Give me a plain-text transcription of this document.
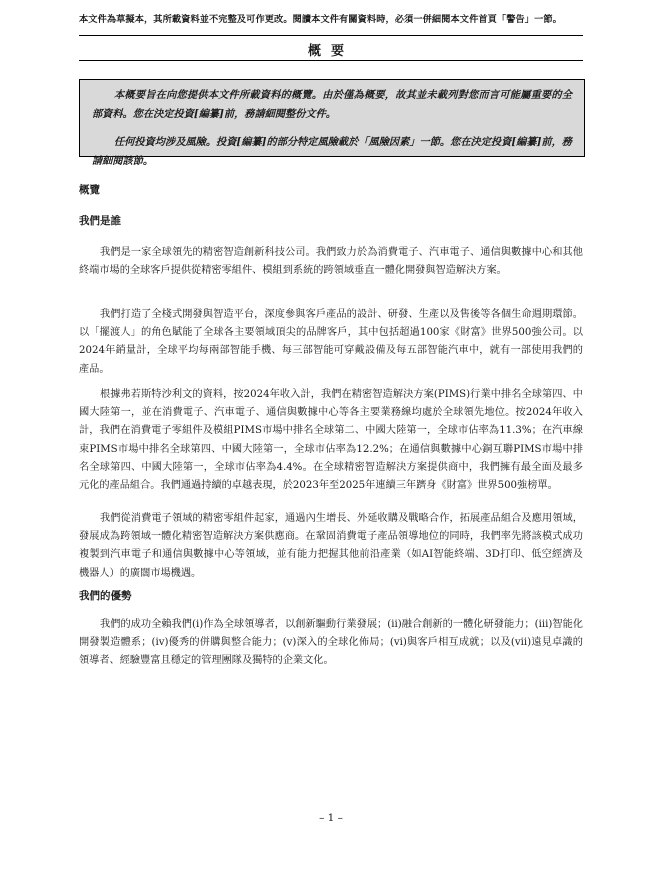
本文件為草擬本，其所載資料並不完整及可作更改。閱讀本文件有關資料時，必須一併細閱本文件首頁「警告」一節。
概要

本概要旨在向您提供本文件所載資料的概覽。由於僅為概要，故其並未載列對您而言可能屬重要的全部資料。您在決定投資[編纂]前，務請細閱整份文件。

任何投資均涉及風險。投資[編纂]的部分特定風險載於「風險因素」一節。您在決定投資[編纂]前，務請細閱該節。

概覽
我們是誰

我們是一家全球領先的精密智造創新科技公司。我們致力於為消費電子、汽車電子、通信與數據中心和其他終端市場的全球客戶提供從精密零組件、模組到系統的跨領域垂直一體化開發與智造解決方案。

我們打造了全棧式開發與智造平台，深度參與客戶產品的設計、研發、生產以及售後等各個生命週期環節。以「擺渡人」的角色賦能了全球各主要領域頂尖的品牌客戶，其中包括超過100家《財富》世界500強公司。以2024年銷量計，全球平均每兩部智能手機、每三部智能可穿戴設備及每五部智能汽車中，就有一部使用我們的產品。

根據弗若斯特沙利文的資料，按2024年收入計，我們在精密智造解決方案(PIMS)行業中排名全球第四、中國大陸第一，並在消費電子、汽車電子、通信與數據中心等各主要業務線均處於全球領先地位。按2024年收入計，我們在消費電子零組件及模組PIMS市場中排名全球第二、中國大陸第一，全球市佔率為11.3%；在汽車線束PIMS市場中排名全球第四、中國大陸第一，全球市佔率為12.2%；在通信與數據中心銅互聯PIMS市場中排名全球第四、中國大陸第一，全球市佔率為4.4%。在全球精密智造解決方案提供商中，我們擁有最全面及最多元化的產品組合。我們通過持續的卓越表現，於2023年至2025年連續三年躋身《財富》世界500強榜單。

我們從消費電子領域的精密零組件起家，通過內生增長、外延收購及戰略合作，拓展產品組合及應用領域，發展成為跨領域一體化精密智造解決方案供應商。在鞏固消費電子產品領導地位的同時，我們率先將該模式成功複製到汽車電子和通信與數據中心等領域，並有能力把握其他前沿產業（如AI智能終端、3D打印、低空經濟及機器人）的廣闊市場機遇。

我們的優勢

我們的成功全賴我們(i)作為全球領導者，以創新驅動行業發展；(ii)融合創新的一體化研發能力；(iii)智能化開發製造體系；(iv)優秀的併購與整合能力；(v)深入的全球化佈局；(vi)與客戶相互成就；以及(vii)遠見卓識的領導者、經驗豐富且穩定的管理團隊及獨特的企業文化。

– 1 –
